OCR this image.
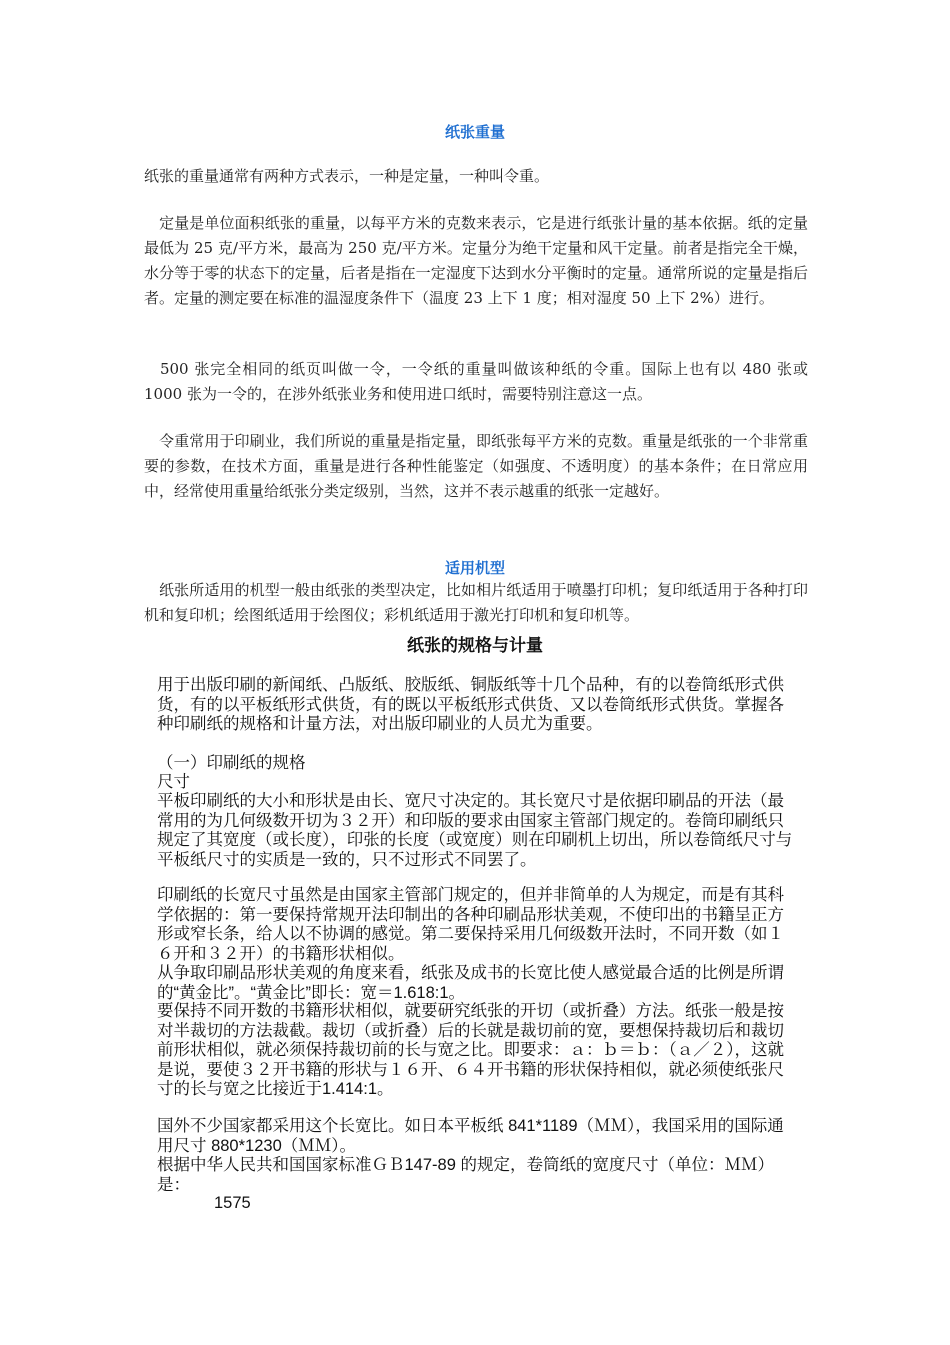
纸张重量

纸张的重量通常有两种方式表示，一种是定量，一种叫令重。

　定量是单位面积纸张的重量，以每平方米的克数来表示，它是进行纸张计量的基本依据。纸的定量最低为 25 克/平方米，最高为 250 克/平方米。定量分为绝干定量和风干定量。前者是指完全干燥，水分等于零的状态下的定量，后者是指在一定湿度下达到水分平衡时的定量。通常所说的定量是指后者。定量的测定要在标准的温湿度条件下（温度 23 上下 1 度；相对湿度 50 上下 2%）进行。

　500 张完全相同的纸页叫做一令，一令纸的重量叫做该种纸的令重。国际上也有以 480 张或 1000 张为一令的，在涉外纸张业务和使用进口纸时，需要特别注意这一点。

　令重常用于印刷业，我们所说的重量是指定量，即纸张每平方米的克数。重量是纸张的一个非常重要的参数，在技术方面，重量是进行各种性能鉴定（如强度、不透明度）的基本条件；在日常应用中，经常使用重量给纸张分类定级别，当然，这并不表示越重的纸张一定越好。

适用机型

　纸张所适用的机型一般由纸张的类型决定，比如相片纸适用于喷墨打印机；复印纸适用于各种打印机和复印机；绘图纸适用于绘图仪；彩机纸适用于激光打印机和复印机等。

纸张的规格与计量

用于出版印刷的新闻纸、凸版纸、胶版纸、铜版纸等十几个品种，有的以卷筒纸形式供货，有的以平板纸形式供货，有的既以平板纸形式供货、又以卷筒纸形式供货。掌握各种印刷纸的规格和计量方法，对出版印刷业的人员尤为重要。

（一）印刷纸的规格

尺寸

平板印刷纸的大小和形状是由长、宽尺寸决定的。其长宽尺寸是依据印刷品的开法（最常用的为几何级数开切为３２开）和印版的要求由国家主管部门规定的。卷筒印刷纸只规定了其宽度（或长度），印张的长度（或宽度）则在印刷机上切出，所以卷筒纸尺寸与平板纸尺寸的实质是一致的，只不过形式不同罢了。

印刷纸的长宽尺寸虽然是由国家主管部门规定的，但并非简单的人为规定，而是有其科学依据的：第一要保持常规开法印制出的各种印刷品形状美观，不使印出的书籍呈正方形或窄长条，给人以不协调的感觉。第二要保持采用几何级数开法时，不同开数（如１６开和３２开）的书籍形状相似。

从争取印刷品形状美观的角度来看，纸张及成书的长宽比使人感觉最合适的比例是所谓的“黄金比”。“黄金比”即长：宽＝1.618:1。

要保持不同开数的书籍形状相似，就要研究纸张的开切（或折叠）方法。纸张一般是按对半裁切的方法裁截。裁切（或折叠）后的长就是裁切前的宽，要想保持裁切后和裁切前形状相似，就必须保持裁切前的长与宽之比。即要求：ａ：ｂ＝ｂ：（ａ／２），这就是说，要使３２开书籍的形状与１６开、６４开书籍的形状保持相似，就必须使纸张尺寸的长与宽之比接近于1.414:1。

国外不少国家都采用这个长宽比。如日本平板纸 841*1189（ＭＭ），我国采用的国际通用尺寸 880*1230（ＭＭ）。

根据中华人民共和国国家标准ＧＢ147-89 的规定，卷筒纸的宽度尺寸（单位：ＭＭ）是：

1575
